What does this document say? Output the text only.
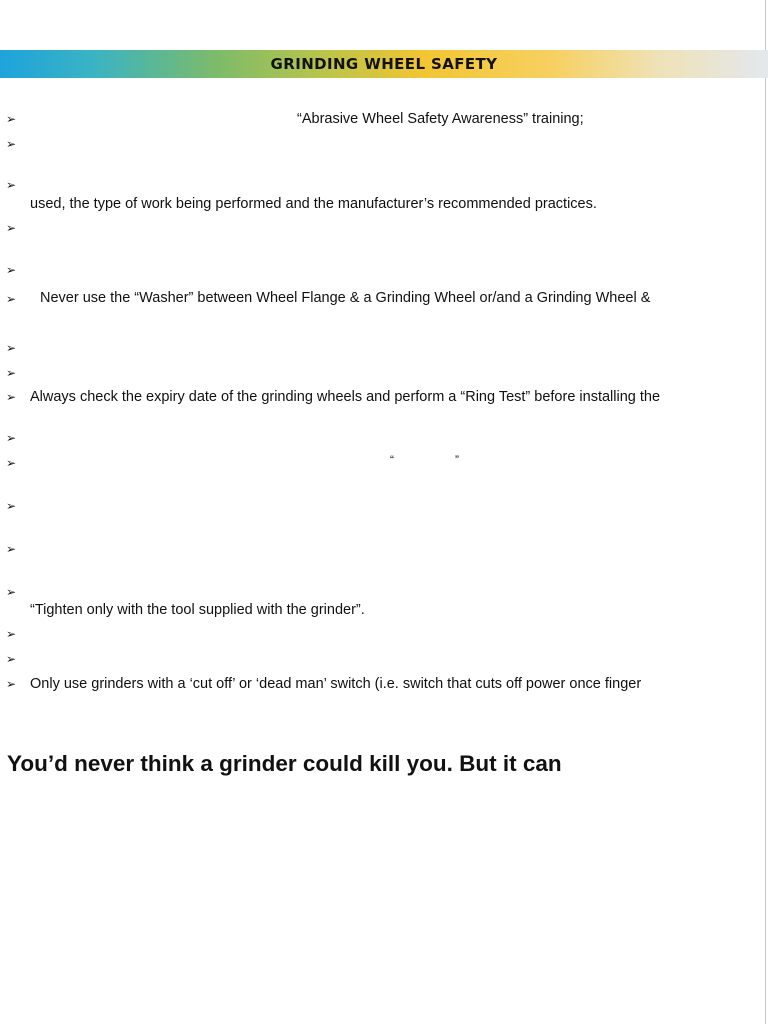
GRINDING WHEEL SAFETY
➢
➢
➢
➢
➢
➢
➢
➢
➢
➢
➢
➢
➢
➢
➢
➢
➢
“Abrasive Wheel Safety Awareness” training;
used, the type of work being performed and the manufacturer’s recommended practices.
Never use the “Washer” between Wheel Flange & a Grinding Wheel or/and a Grinding Wheel &
Always check the expiry date of the grinding wheels and perform a “Ring Test” before installing the
“	”
“Tighten only with the tool supplied with the grinder”.
Only use grinders with a ‘cut off’ or ‘dead man’ switch (i.e. switch that cuts off power once finger
You’d never think a grinder could kill you. But it can
